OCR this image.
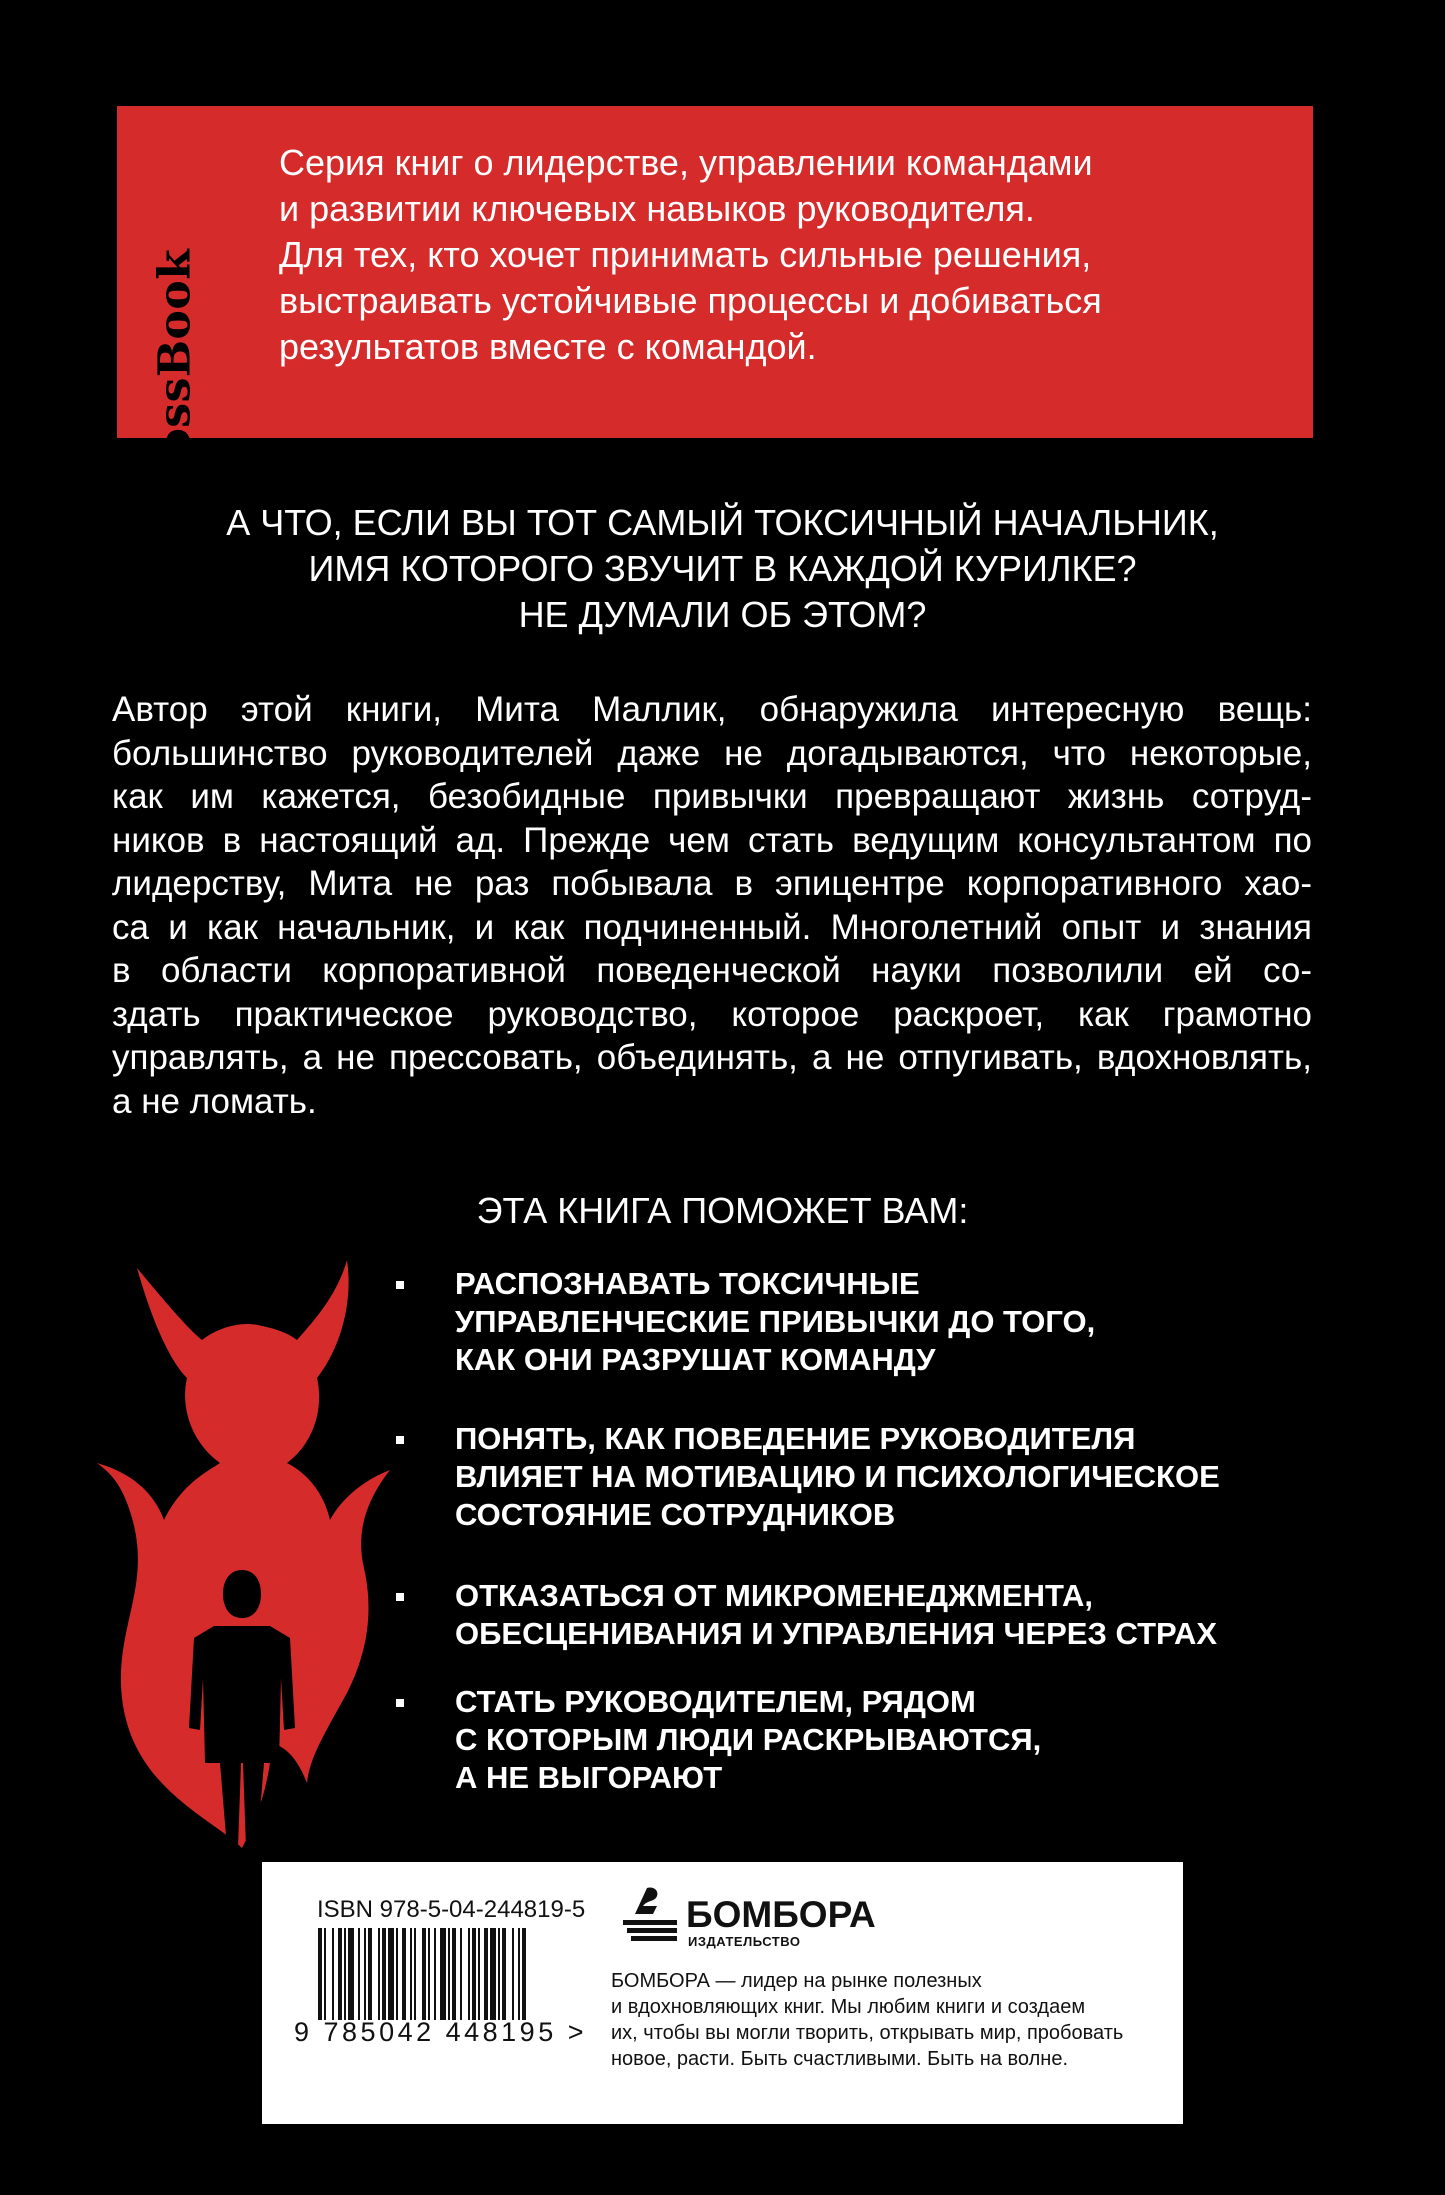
BossBook
Серия книг о лидерстве, управлении командами
и развитии ключевых навыков руководителя.
Для тех, кто хочет принимать сильные решения,
выстраивать устойчивые процессы и добиваться
результатов вместе с командой.
А ЧТО, ЕСЛИ ВЫ ТОТ САМЫЙ ТОКСИЧНЫЙ НАЧАЛЬНИК,
ИМЯ КОТОРОГО ЗВУЧИТ В КАЖДОЙ КУРИЛКЕ?
НЕ ДУМАЛИ ОБ ЭТОМ?
Автор этой книги, Мита Маллик, обнаружила интересную вещь:
большинство руководителей даже не догадываются, что некоторые,
как им кажется, безобидные привычки превращают жизнь сотруд-
ников в настоящий ад. Прежде чем стать ведущим консультантом по
лидерству, Мита не раз побывала в эпицентре корпоративного хао-
са и как начальник, и как подчиненный. Многолетний опыт и знания
в области корпоративной поведенческой науки позволили ей со-
здать практическое руководство, которое раскроет, как грамотно
управлять, а не прессовать, объединять, а не отпугивать, вдохновлять,
а не ломать.
ЭТА КНИГА ПОМОЖЕТ ВАМ:
РАСПОЗНАВАТЬ ТОКСИЧНЫЕ
УПРАВЛЕНЧЕСКИЕ ПРИВЫЧКИ ДО ТОГО,
КАК ОНИ РАЗРУШАТ КОМАНДУ
ПОНЯТЬ, КАК ПОВЕДЕНИЕ РУКОВОДИТЕЛЯ
ВЛИЯЕТ НА МОТИВАЦИЮ И ПСИХОЛОГИЧЕСКОЕ
СОСТОЯНИЕ СОТРУДНИКОВ
ОТКАЗАТЬСЯ ОТ МИКРОМЕНЕДЖМЕНТА,
ОБЕСЦЕНИВАНИЯ И УПРАВЛЕНИЯ ЧЕРЕЗ СТРАХ
СТАТЬ РУКОВОДИТЕЛЕМ, РЯДОМ
С КОТОРЫМ ЛЮДИ РАСКРЫВАЮТСЯ,
А НЕ ВЫГОРАЮТ
ISBN 978-5-04-244819-5
9 785042 448195 >
БОМБОРА
ИЗДАТЕЛЬСТВО
БОМБОРА — лидер на рынке полезных
и вдохновляющих книг. Мы любим книги и создаем
их, чтобы вы могли творить, открывать мир, пробовать
новое, расти. Быть счастливыми. Быть на волне.
